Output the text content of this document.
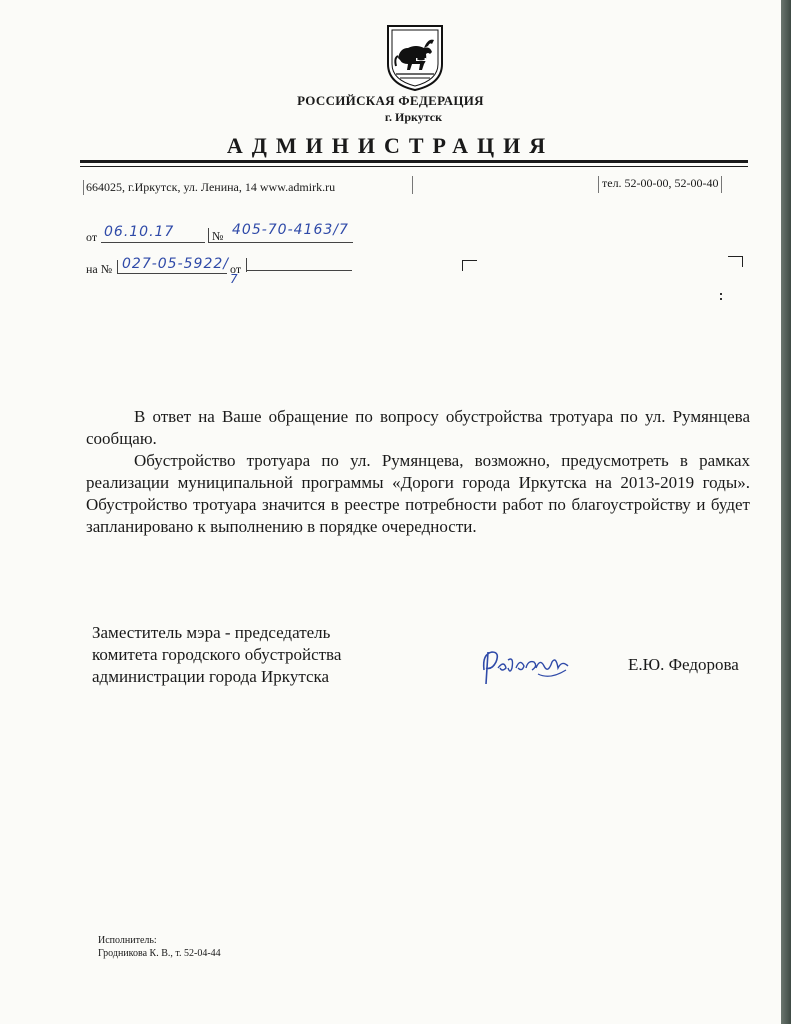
РОССИЙСКАЯ ФЕДЕРАЦИЯ
г. Иркутск
АДМИНИСТРАЦИЯ
664025, г.Иркутск, ул. Ленина, 14 www.admirk.ru	тел. 52-00-00, 52-00-40
от 06.10.17	№ 405-70-4163/7
на № 027-05-5922/ от
7

В ответ на Ваше обращение по вопросу обустройства тротуара по ул. Румянцева сообщаю.

Обустройство тротуара по ул. Румянцева, возможно, предусмотреть в рамках реализации муниципальной программы «Дороги города Иркутска на 2013-2019 годы». Обустройство тротуара значится в реестре потребности работ по благоустройству и будет запланировано к выполнению в порядке очередности.

Заместитель мэра - председатель
комитета городского обустройства
администрации города Иркутска
Е.Ю. Федорова
Исполнитель:
Гродникова К. В., т. 52-04-44
